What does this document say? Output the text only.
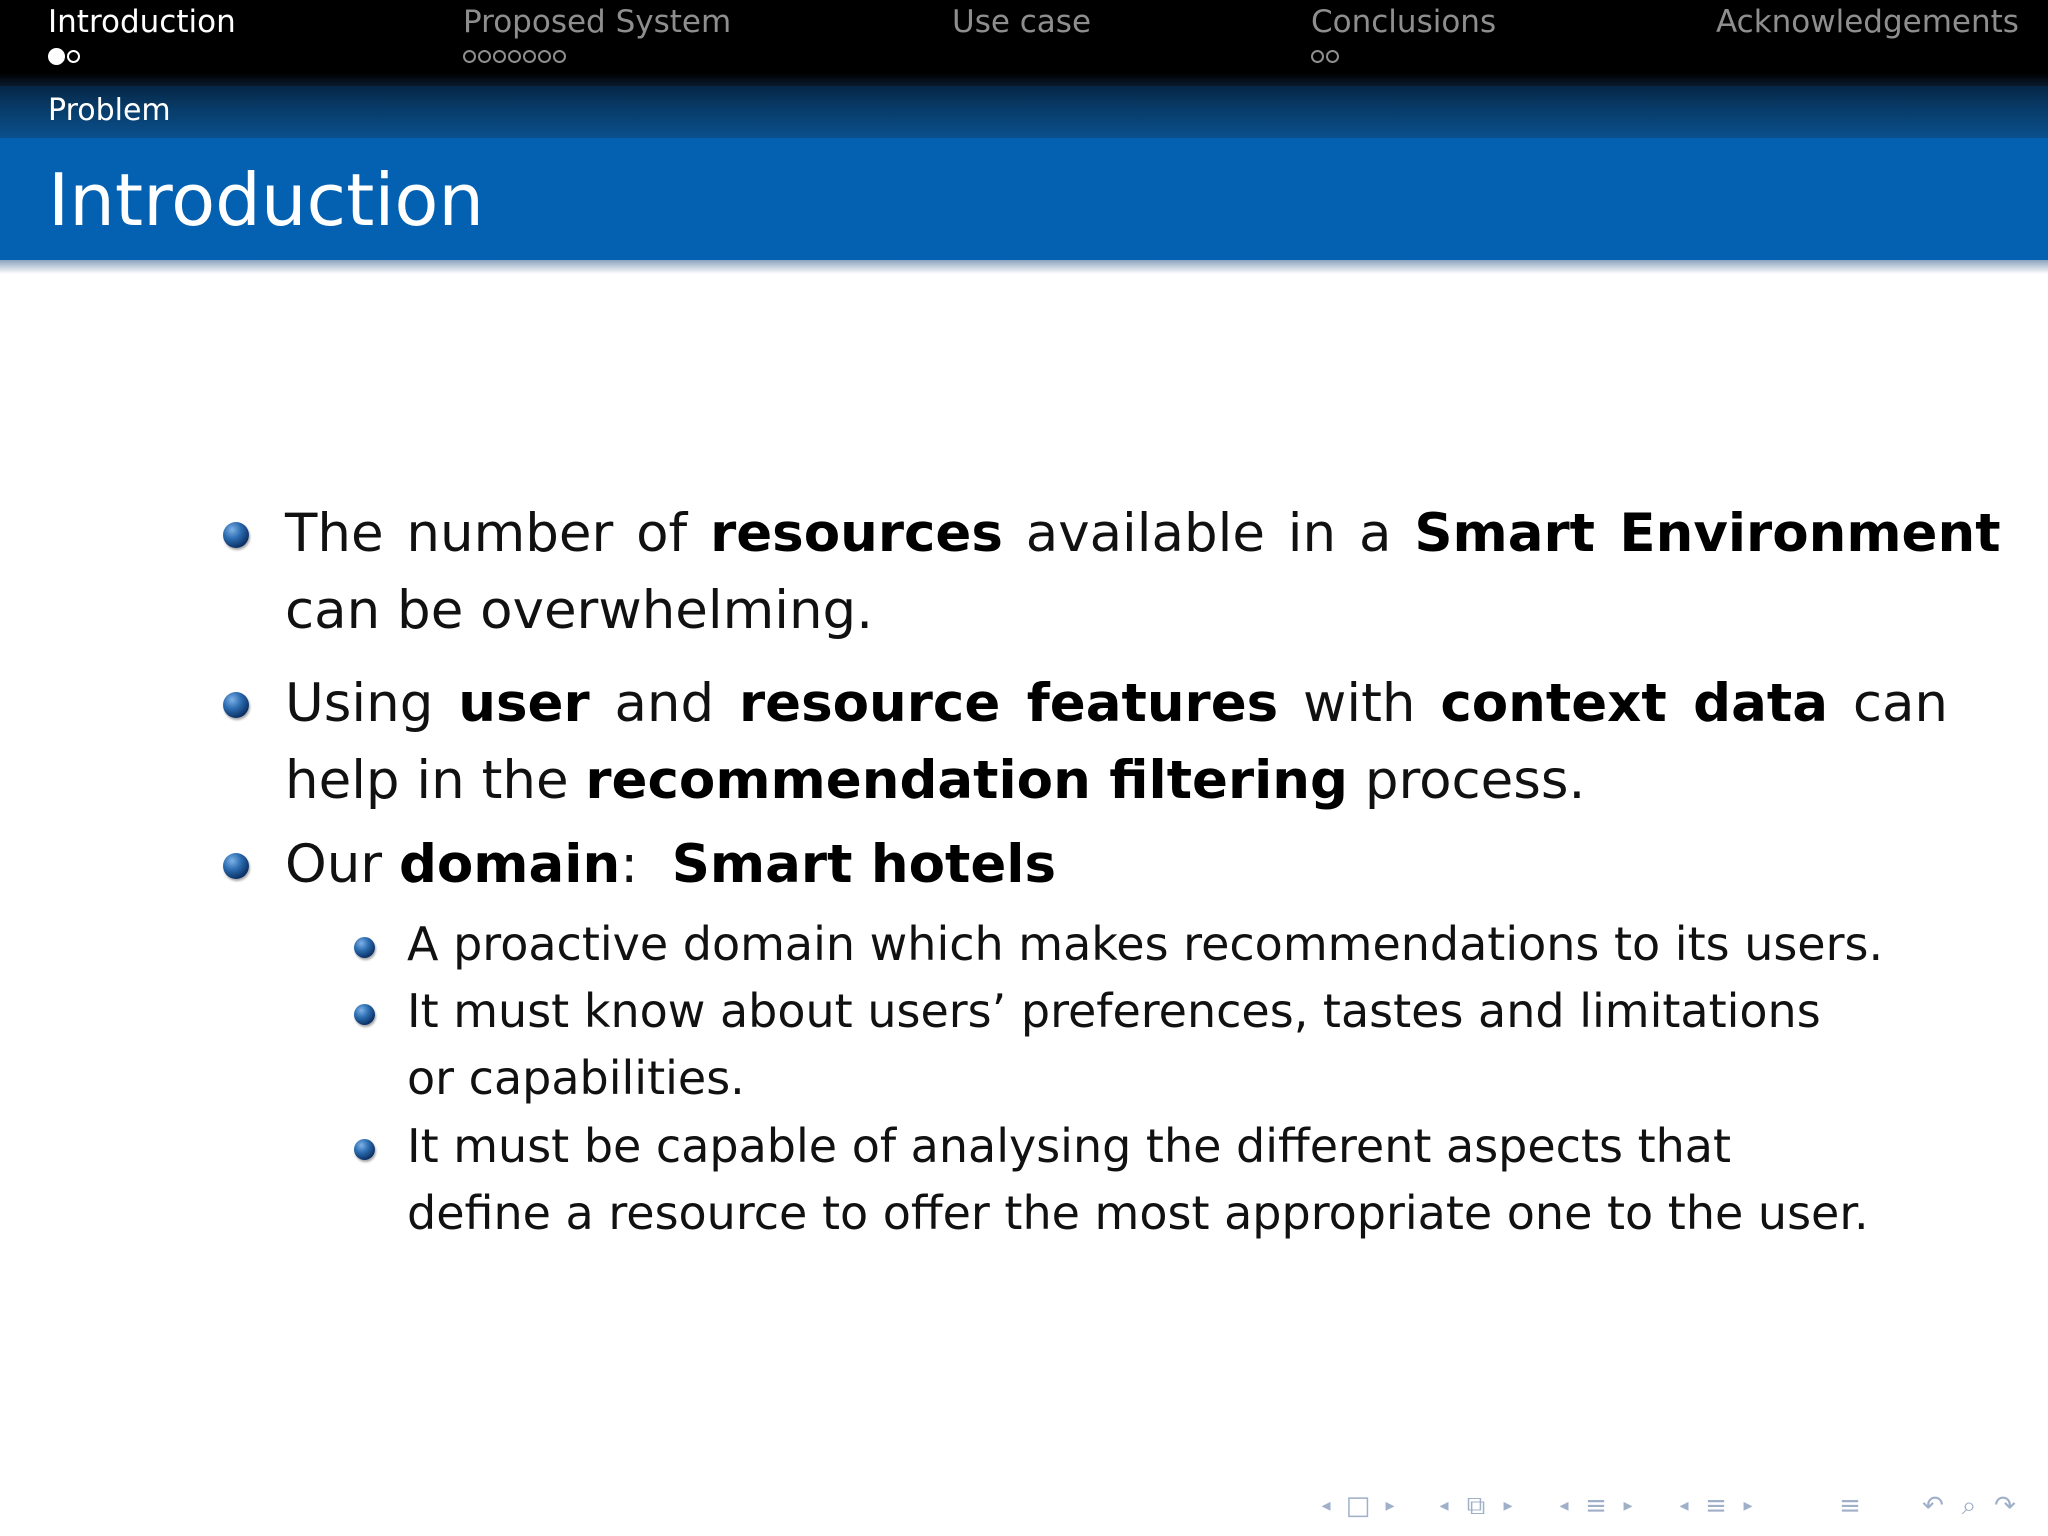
Introduction	Proposed System	Use case	Conclusions	Acknowledgements
Problem
Introduction
The number of resources available in a Smart Environment
can be overwhelming.
Using user and resource features with context data can
help in the recommendation filtering process.
Our domain:  Smart hotels
A proactive domain which makes recommendations to its users.
It must know about users’ preferences, tastes and limitations
or capabilities.
It must be capable of analysing the different aspects that
define a resource to offer the most appropriate one to the user.
◂ □ ▸	◂ ⧉	▸	◂ ≡ ▸	◂ ≡ ▸	≡ ↶ ⌕ ↷
